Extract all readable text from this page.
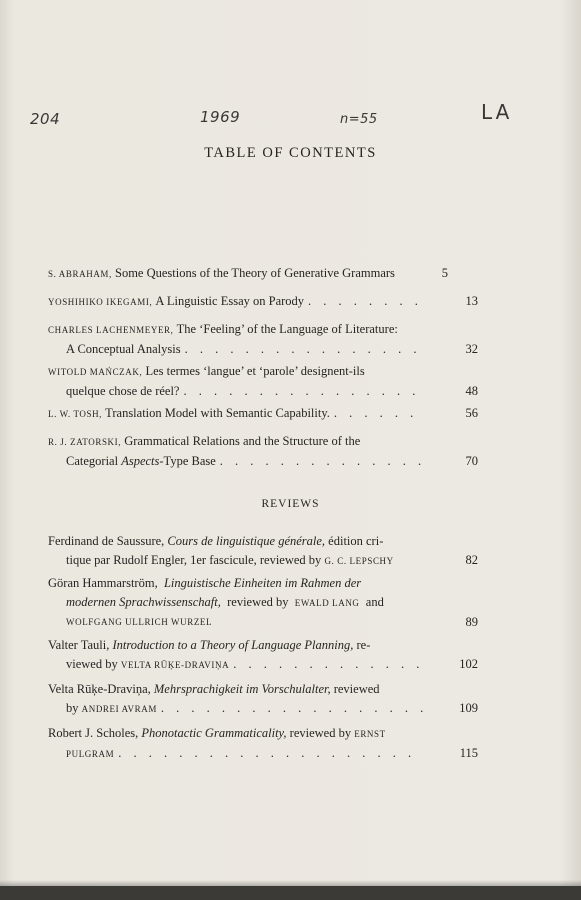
204	1969	n=55	LA
TABLE OF CONTENTS
S. ABRAHAM,
Some Questions of the Theory of Generative Grammars	5
YOSHIHIKO IKEGAMI,
A Linguistic Essay on Parody . . .	13
CHARLES LACHENMEYER,
The ‘Feeling’ of the Language of Literature:
A Conceptual Analysis . . .	32
WITOLD MAŃCZAK,
Les termes ‘langue’ et ‘parole’ designent-ils
quelque chose de réel? . . .	48
L. W. TOSH,
Translation Model with Semantic Capability. . . .	56
R. J. ZATORSKI,
Grammatical Relations and the Structure of the
Categorial Aspects-Type Base . . .	70
REVIEWS
Ferdinand de Saussure,
Cours de linguistique générale,
édition cri-
tique par Rudolf Engler, 1er fascicule, reviewed by
G. C. LEPSCHY	82
Göran Hammarström,
Linguistische Einheiten im Rahmen der
modernen Sprachwissenschaft,
reviewed by
EWALD LANG
and
WOLFGANG ULLRICH WURZEL	89
Valter Tauli,
Introduction to a Theory of Language Planning,
re-
viewed by
VELTA RŪĶE-DRAVIŅA . . .	102
Velta Rūķe-Draviņa,
Mehrsprachigkeit im Vorschulalter,
reviewed
by
ANDREI AVRAM . . .	109
Robert J. Scholes,
Phonotactic Grammaticality,
reviewed by
ERNST
PULGRAM . . .	115
